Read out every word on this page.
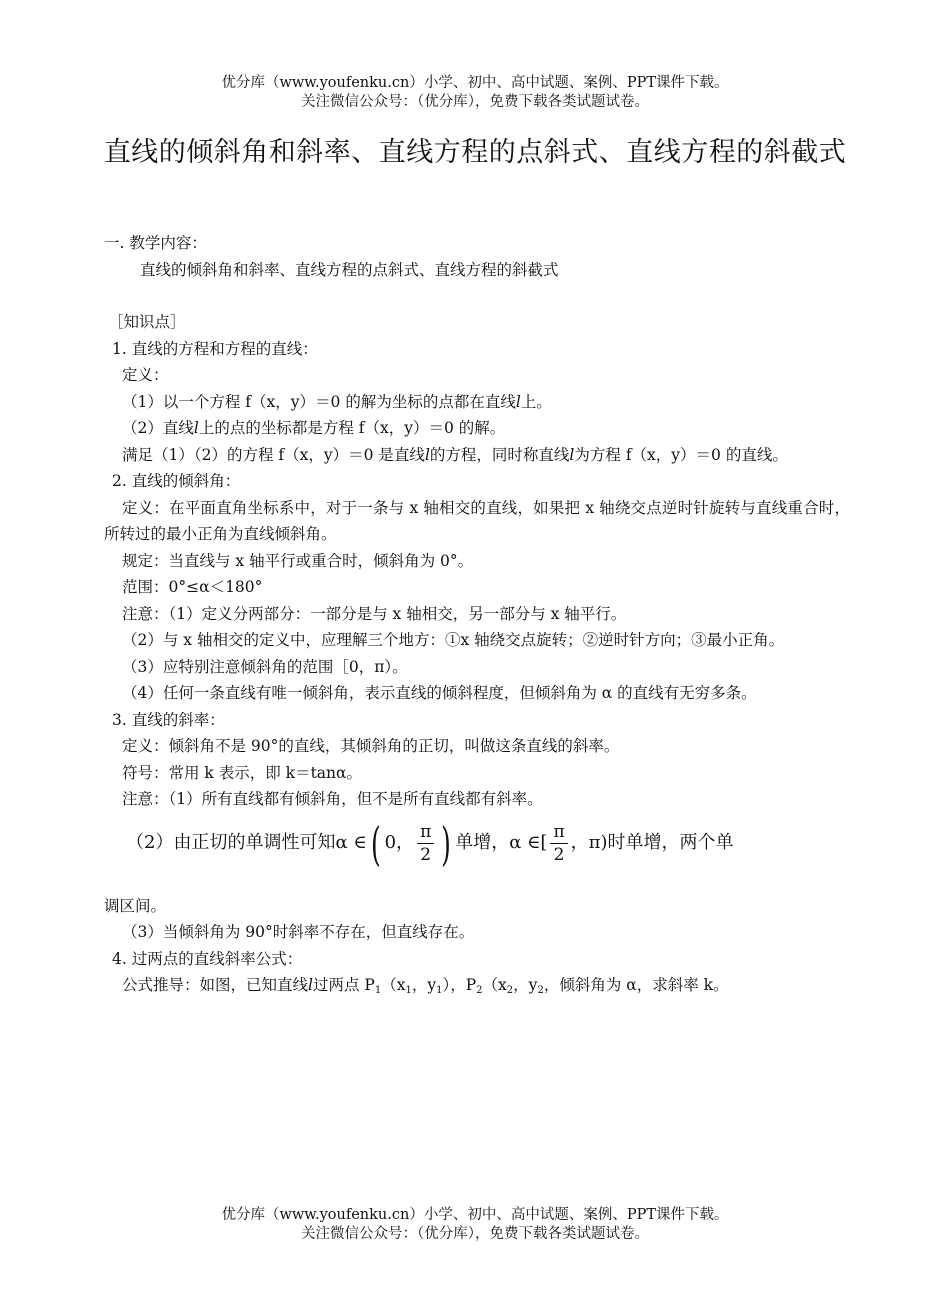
优分库（www.youfenku.cn）小学、初中、高中试题、案例、PPT课件下载。
关注微信公众号：（优分库），免费下载各类试题试卷。
直线的倾斜角和斜率、直线方程的点斜式、直线方程的斜截式
一. 教学内容：
直线的倾斜角和斜率、直线方程的点斜式、直线方程的斜截式
［知识点］
1. 直线的方程和方程的直线：
定义：
（1）以一个方程 f（x，y）＝0 的解为坐标的点都在直线l上。
（2）直线l上的点的坐标都是方程 f（x，y）＝0 的解。
满足（1）（2）的方程 f（x，y）＝0 是直线l的方程，同时称直线l为方程 f（x，y）＝0 的直线。
2. 直线的倾斜角：
定义：在平面直角坐标系中，对于一条与 x 轴相交的直线，如果把 x 轴绕交点逆时针旋转与直线重合时，所转过的最小正角为直线倾斜角。
规定：当直线与 x 轴平行或重合时，倾斜角为 0°。
范围：0°≤α＜180°
注意：（1）定义分两部分：一部分是与 x 轴相交，另一部分与 x 轴平行。
（2）与 x 轴相交的定义中，应理解三个地方：①x 轴绕交点旋转；②逆时针方向；③最小正角。
（3）应特别注意倾斜角的范围［0，π）。
（4）任何一条直线有唯一倾斜角，表示直线的倾斜程度，但倾斜角为 α 的直线有无穷多条。
3. 直线的斜率：
定义：倾斜角不是 90°的直线，其倾斜角的正切，叫做这条直线的斜率。
符号：常用 k 表示，即 k＝tanα。
注意：（1）所有直线都有倾斜角，但不是所有直线都有斜率。
（2）由正切的单调性可知α ∈ ( 0， $\frac{\pi}{2}$ ) 单增，α ∈[ $\frac{\pi}{2}$ ，π)时单增，两个单
调区间。
（3）当倾斜角为 90°时斜率不存在，但直线存在。
4. 过两点的直线斜率公式：
公式推导：如图，已知直线l过两点 $P_1(x_1$，$y_1$），$P_2(x_2$，$y_2$，倾斜角为 α，求斜率 k。
优分库（www.youfenku.cn）小学、初中、高中试题、案例、PPT课件下载。
关注微信公众号：（优分库），免费下载各类试题试卷。
